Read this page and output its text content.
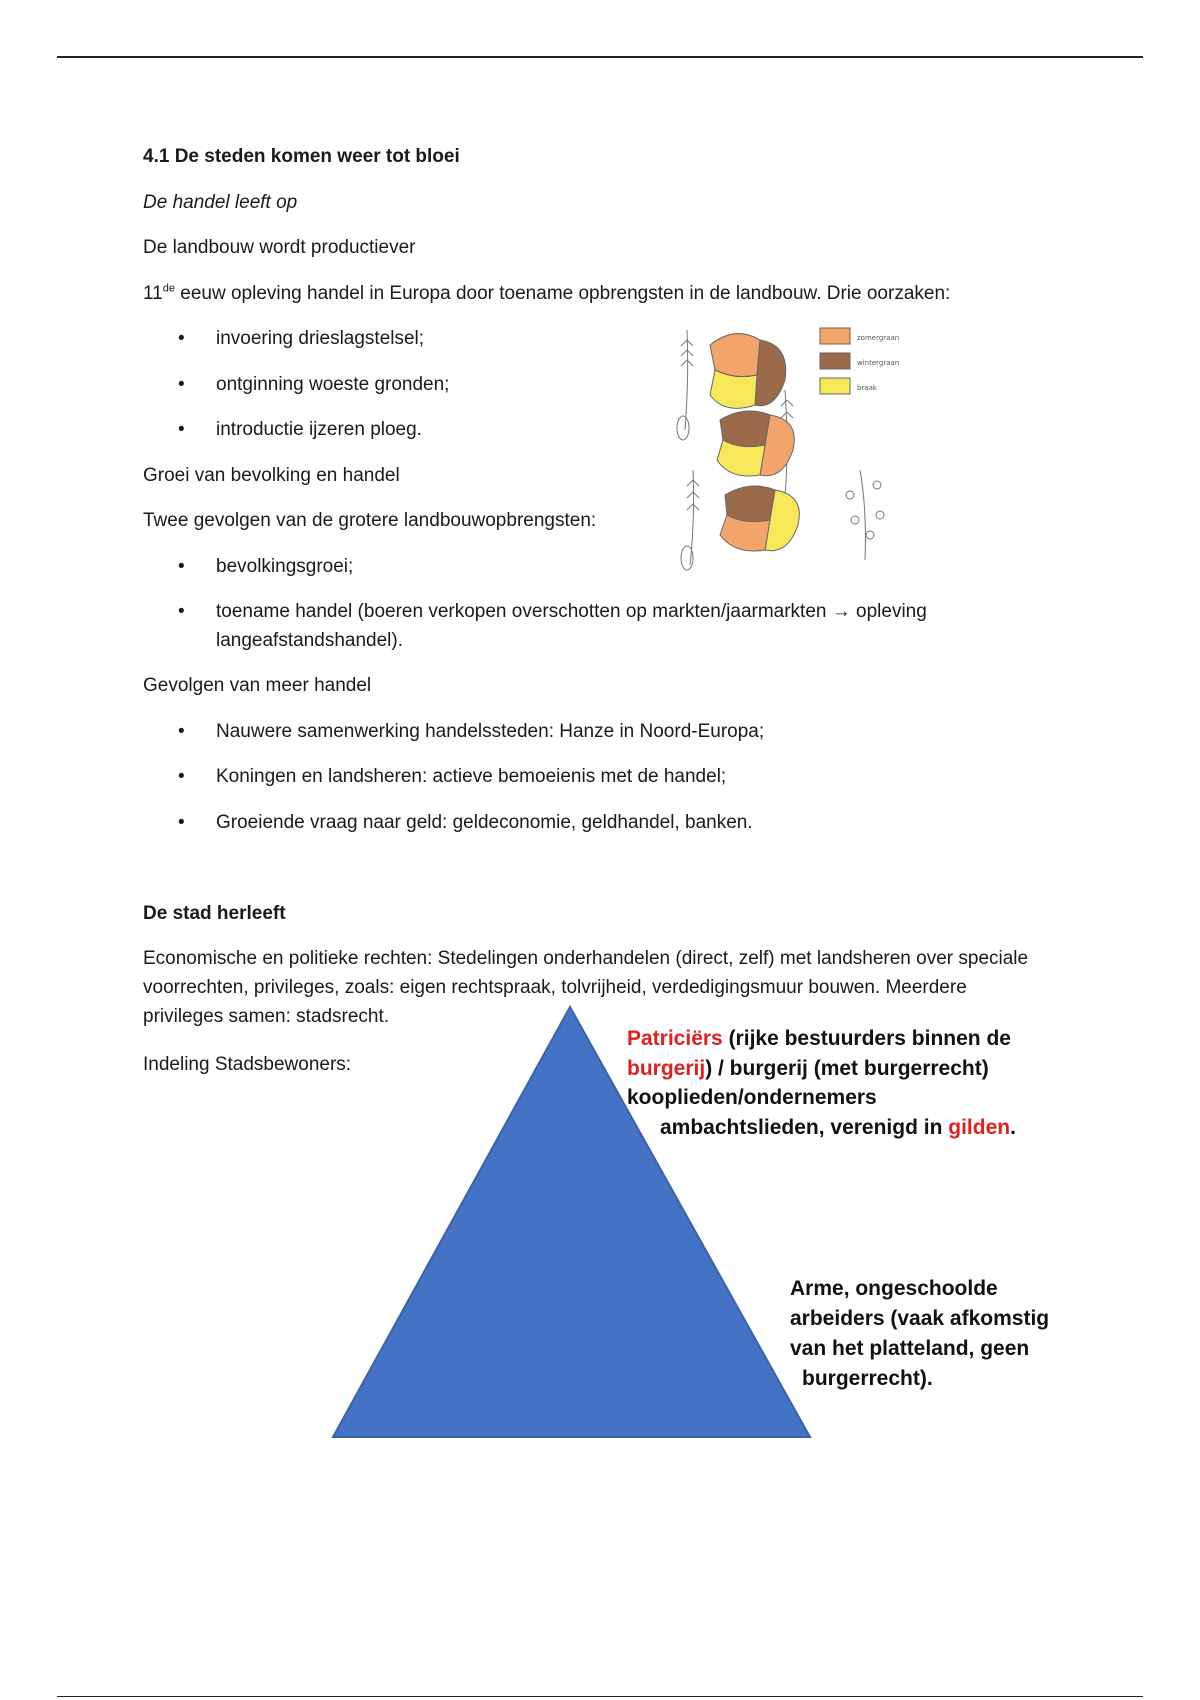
4.1 De steden komen weer tot bloei
De handel leeft op
De landbouw wordt productiever
11de eeuw opleving handel in Europa door toename opbrengsten in de landbouw. Drie oorzaken:
• invoering drieslagstelsel;
• ontginning woeste gronden;
• introductie ijzeren ploeg.
Groei van bevolking en handel
Twee gevolgen van de grotere landbouwopbrengsten:
• bevolkingsgroei;
• toename handel (boeren verkopen overschotten op markten/jaarmarkten → opleving langeafstandshandel).
Gevolgen van meer handel
• Nauwere samenwerking handelssteden: Hanze in Noord-Europa;
• Koningen en landsheren: actieve bemoeienis met de handel;
• Groeiende vraag naar geld: geldeconomie, geldhandel, banken.
zomergraan
wintergraan
braak
De stad herleeft
Economische en politieke rechten: Stedelingen onderhandelen (direct, zelf) met landsheren over speciale voorrechten, privileges, zoals: eigen rechtspraak, tolvrijheid, verdedigingsmuur bouwen. Meerdere privileges samen: stadsrecht.
Indeling Stadsbewoners:
Patriciërs (rijke bestuurders binnen de
burgerij) / burgerij (met burgerrecht)
kooplieden/ondernemers
ambachtslieden, verenigd in gilden.
Arme, ongeschoolde
arbeiders (vaak afkomstig
van het platteland, geen
burgerrecht).
